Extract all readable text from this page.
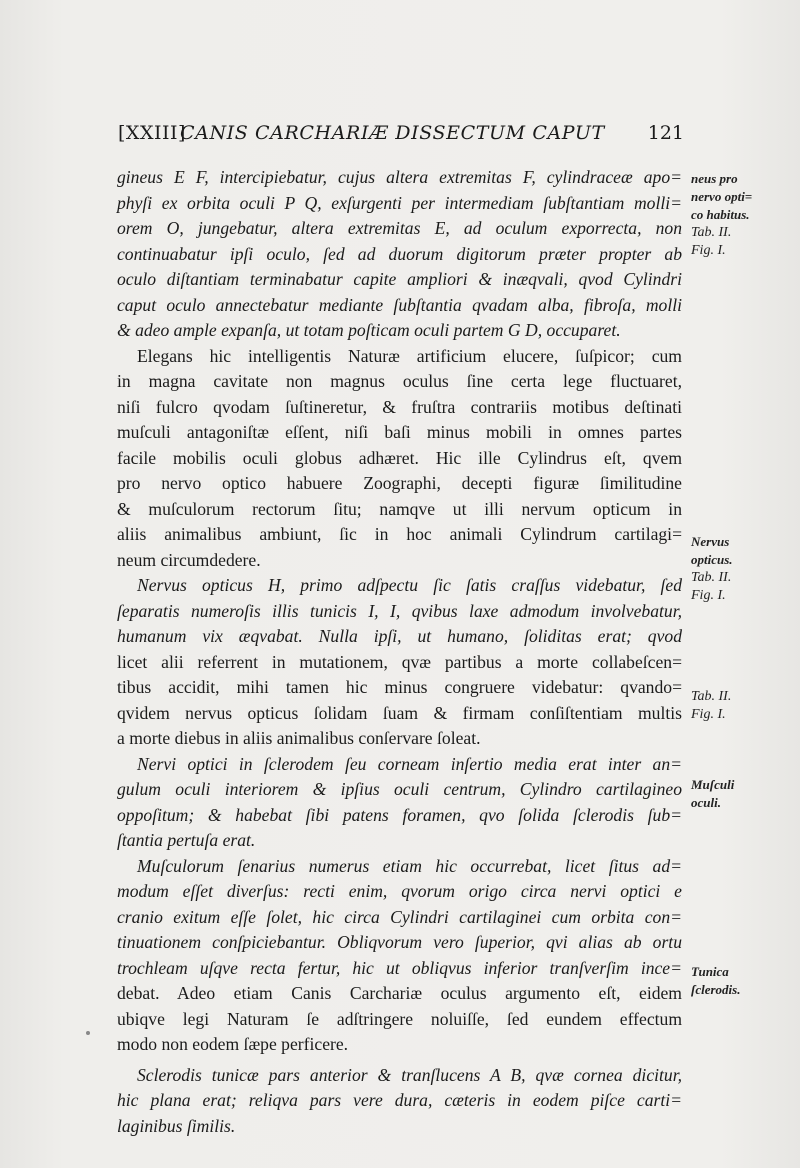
[XXIII]
CANIS CARCHARIÆ DISSECTUM CAPUT 121

gineus E F, intercipiebatur, cujus altera extremitas F, cylindraceæ apo=
phyſi ex orbita oculi P Q, exſurgenti per intermediam ſubſtantiam molli=
orem O, jungebatur, altera extremitas E, ad oculum exporrecta, non
continuabatur ipſi oculo, ſed ad duorum digitorum præter propter ab
oculo diſtantiam terminabatur capite ampliori & inæqvali, qvod Cylindri
caput oculo annectebatur mediante ſubſtantia qvadam alba, fibroſa, molli
& adeo ample expanſa, ut totam poſticam oculi partem G D, occuparet.

Elegans hic intelligentis Naturæ artificium elucere, ſuſpicor; cum
in magna cavitate non magnus oculus ſine certa lege fluctuaret,
niſi fulcro qvodam ſuſtineretur, & fruſtra contrariis motibus deſtinati
muſculi antagoniſtæ eſſent, niſi baſi minus mobili in omnes partes
facile mobilis oculi globus adhæret. Hic ille Cylindrus eſt, qvem
pro nervo optico habuere Zoographi, decepti figuræ ſimilitudine
& muſculorum rectorum ſitu; namqve ut illi nervum opticum in
aliis animalibus ambiunt, ſic in hoc animali Cylindrum cartilagi=
neum circumdedere.

Nervus opticus H, primo adſpectu ſic ſatis craſſus videbatur, ſed
ſeparatis numeroſis illis tunicis I, I, qvibus laxe admodum involvebatur,
humanum vix æqvabat. Nulla ipſi, ut humano, ſoliditas erat; qvod
licet alii referrent in mutationem, qvæ partibus a morte collabeſcen=
tibus accidit, mihi tamen hic minus congruere videbatur: qvando=
qvidem nervus opticus ſolidam ſuam & firmam conſiſtentiam multis
a morte diebus in aliis animalibus conſervare ſoleat.

Nervi optici in ſclerodem ſeu corneam inſertio media erat inter an=
gulum oculi interiorem & ipſius oculi centrum, Cylindro cartilagineo
oppoſitum; & habebat ſibi patens foramen, qvo ſolida ſclerodis ſub=
ſtantia pertuſa erat.

Muſculorum ſenarius numerus etiam hic occurrebat, licet ſitus ad=
modum eſſet diverſus: recti enim, qvorum origo circa nervi optici e
cranio exitum eſſe ſolet, hic circa Cylindri cartilaginei cum orbita con=
tinuationem conſpiciebantur. Obliqvorum vero ſuperior, qvi alias ab ortu
trochleam uſqve recta fertur, hic ut obliqvus inferior tranſverſim ince=
debat. Adeo etiam Canis Carchariæ oculus argumento eſt, eidem
ubiqve legi Naturam ſe adſtringere noluiſſe, ſed eundem effectum
modo non eodem ſæpe perficere.

Sclerodis tunicæ pars anterior & tranſlucens A B, qvæ cornea dicitur,
hic plana erat; reliqva pars vere dura, cæteris in eodem piſce carti=
laginibus ſimilis.

neus pro
nervo opti=
co habitus.
Tab. II.
Fig. I.
Nervus
opticus.
Tab. II.
Fig. I.
Tab. II.
Fig. I.
Muſculi
oculi.
Tunica
ſclerodis.
